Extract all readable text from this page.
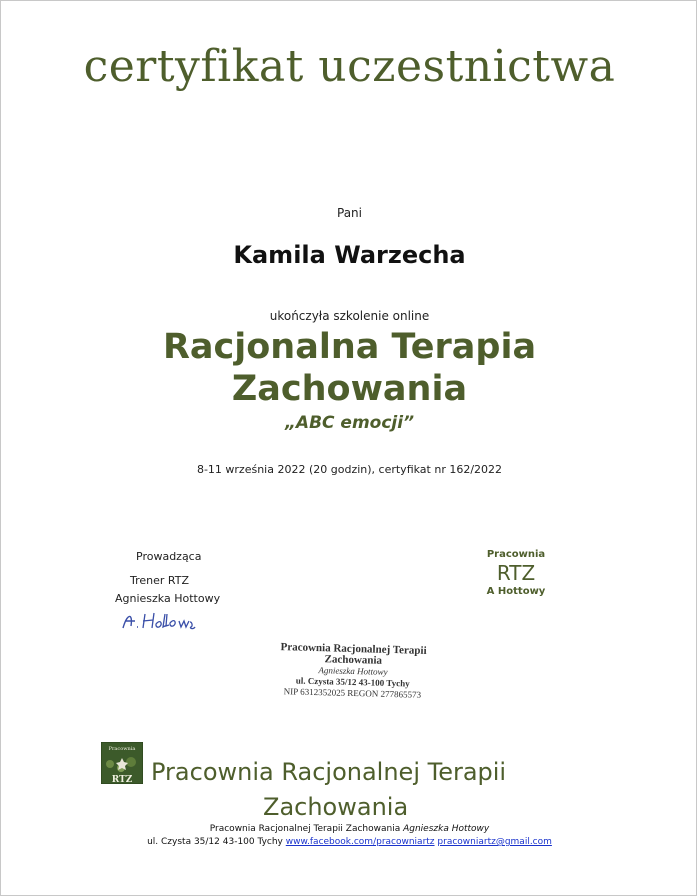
certyfikat uczestnictwa
Pani
Kamila Warzecha
ukończyła szkolenie online
Racjonalna Terapia
Zachowania
„ABC emocji”
8-11 września 2022 (20 godzin), certyfikat nr 162/2022
Prowadząca
Trener RTZ
Agnieszka Hottowy
Pracownia
RTZ
A Hottowy
Pracownia Racjonalnej Terapii
Zachowania
Agnieszka Hottowy
ul. Czysta 35/12 43-100 Tychy
NIP 6312352025 REGON 277865573
Pracownia
RTZ Pracownia Racjonalnej Terapii
Zachowania
Pracownia Racjonalnej Terapii Zachowania Agnieszka Hottowy
ul. Czysta 35/12 43-100 Tychy www.facebook.com/pracowniartz pracowniartz@gmail.com
